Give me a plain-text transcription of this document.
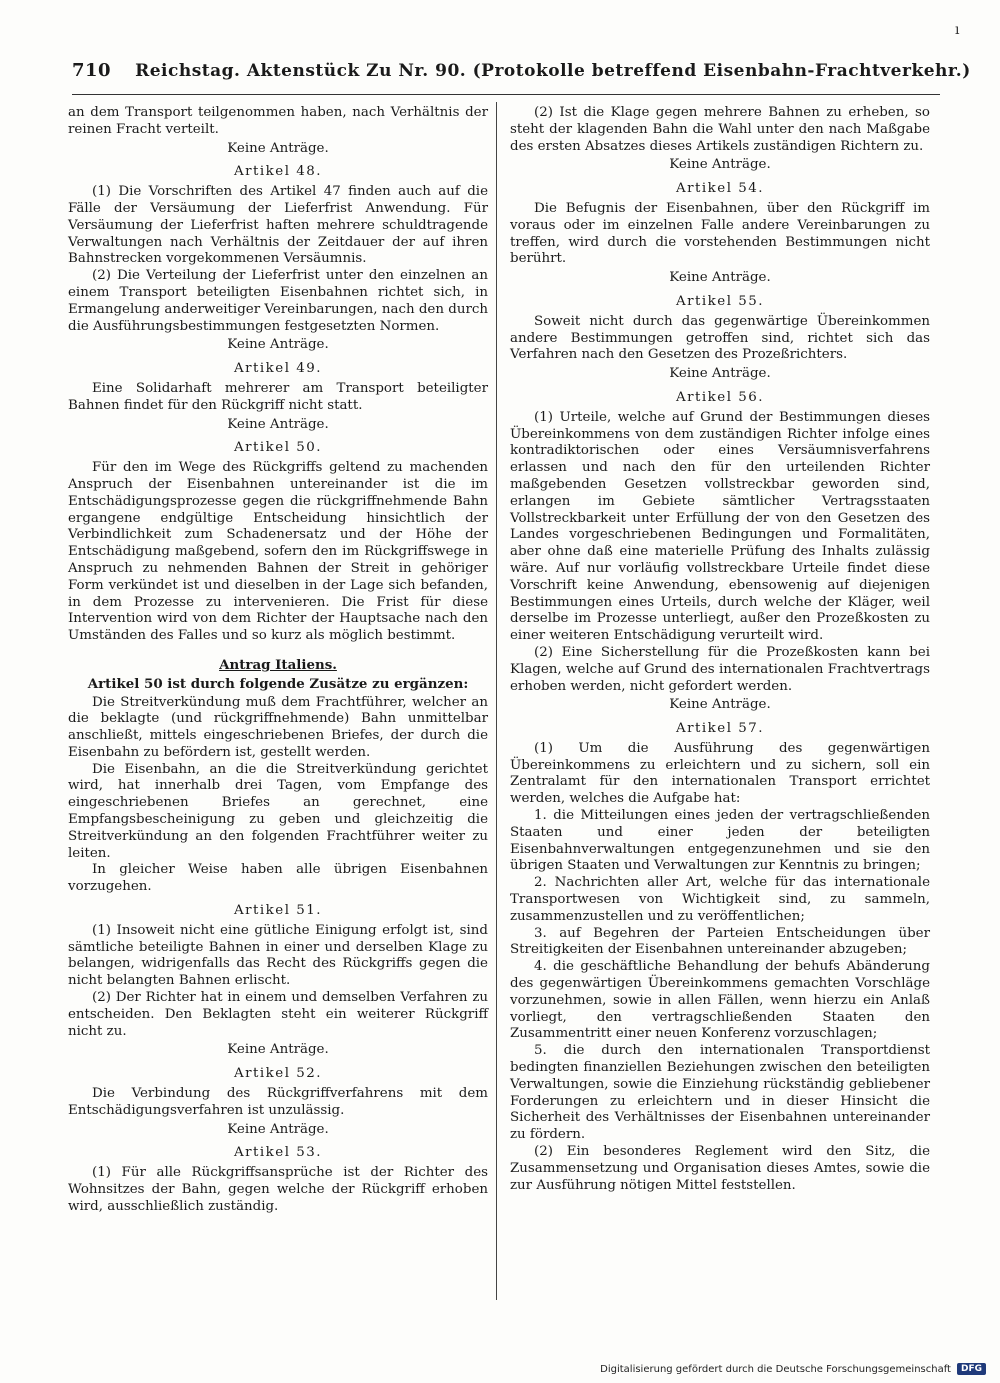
ı
710 Reichstag. Aktenstück Zu Nr. 90. (Protokolle betreffend Eisenbahn-Frachtverkehr.)

an dem Transport teilgenommen haben, nach Verhältnis der reinen Fracht verteilt.

Keine Anträge.

Artikel 48.

(1) Die Vorschriften des Artikel 47 finden auch auf die Fälle der Versäumung der Lieferfrist Anwendung. Für Versäumung der Lieferfrist haften mehrere schuldtragende Verwaltungen nach Verhältnis der Zeitdauer der auf ihren Bahnstrecken vorgekommenen Versäumnis.

(2) Die Verteilung der Lieferfrist unter den einzelnen an einem Transport beteiligten Eisenbahnen richtet sich, in Ermangelung anderweitiger Vereinbarungen, nach den durch die Ausführungsbestimmungen festgesetzten Normen.

Keine Anträge.

Artikel 49.

Eine Solidarhaft mehrerer am Transport beteiligter Bahnen findet für den Rückgriff nicht statt.

Keine Anträge.

Artikel 50.

Für den im Wege des Rückgriffs geltend zu machenden Anspruch der Eisenbahnen untereinander ist die im Entschädigungsprozesse gegen die rückgriffnehmende Bahn ergangene endgültige Entscheidung hinsichtlich der Verbindlichkeit zum Schadenersatz und der Höhe der Entschädigung maßgebend, sofern den im Rückgriffswege in Anspruch zu nehmenden Bahnen der Streit in gehöriger Form verkündet ist und dieselben in der Lage sich befanden, in dem Prozesse zu intervenieren. Die Frist für diese Intervention wird von dem Richter der Hauptsache nach den Umständen des Falles und so kurz als möglich bestimmt.

Antrag Italiens.

Artikel 50 ist durch folgende Zusätze zu ergänzen:

Die Streitverkündung muß dem Frachtführer, welcher an die beklagte (und rückgriffnehmende) Bahn unmittelbar anschließt, mittels eingeschriebenen Briefes, der durch die Eisenbahn zu befördern ist, gestellt werden.

Die Eisenbahn, an die die Streitverkündung gerichtet wird, hat innerhalb drei Tagen, vom Empfange des eingeschriebenen Briefes an gerechnet, eine Empfangsbescheinigung zu geben und gleichzeitig die Streitverkündung an den folgenden Frachtführer weiter zu leiten.

In gleicher Weise haben alle übrigen Eisenbahnen vorzugehen.

Artikel 51.

(1) Insoweit nicht eine gütliche Einigung erfolgt ist, sind sämtliche beteiligte Bahnen in einer und derselben Klage zu belangen, widrigenfalls das Recht des Rückgriffs gegen die nicht belangten Bahnen erlischt.

(2) Der Richter hat in einem und demselben Verfahren zu entscheiden. Den Beklagten steht ein weiterer Rückgriff nicht zu.

Keine Anträge.

Artikel 52.

Die Verbindung des Rückgriffverfahrens mit dem Entschädigungsverfahren ist unzulässig.

Keine Anträge.

Artikel 53.

(1) Für alle Rückgriffsansprüche ist der Richter des Wohnsitzes der Bahn, gegen welche der Rückgriff erhoben wird, ausschließlich zuständig.

(2) Ist die Klage gegen mehrere Bahnen zu erheben, so steht der klagenden Bahn die Wahl unter den nach Maßgabe des ersten Absatzes dieses Artikels zuständigen Richtern zu.

Keine Anträge.

Artikel 54.

Die Befugnis der Eisenbahnen, über den Rückgriff im voraus oder im einzelnen Falle andere Vereinbarungen zu treffen, wird durch die vorstehenden Bestimmungen nicht berührt.

Keine Anträge.

Artikel 55.

Soweit nicht durch das gegenwärtige Übereinkommen andere Bestimmungen getroffen sind, richtet sich das Verfahren nach den Gesetzen des Prozeßrichters.

Keine Anträge.

Artikel 56.

(1) Urteile, welche auf Grund der Bestimmungen dieses Übereinkommens von dem zuständigen Richter infolge eines kontradiktorischen oder eines Versäumnisverfahrens erlassen und nach den für den urteilenden Richter maßgebenden Gesetzen vollstreckbar geworden sind, erlangen im Gebiete sämtlicher Vertragsstaaten Vollstreckbarkeit unter Erfüllung der von den Gesetzen des Landes vorgeschriebenen Bedingungen und Formalitäten, aber ohne daß eine materielle Prüfung des Inhalts zulässig wäre. Auf nur vorläufig vollstreckbare Urteile findet diese Vorschrift keine Anwendung, ebensowenig auf diejenigen Bestimmungen eines Urteils, durch welche der Kläger, weil derselbe im Prozesse unterliegt, außer den Prozeßkosten zu einer weiteren Entschädigung verurteilt wird.

(2) Eine Sicherstellung für die Prozeßkosten kann bei Klagen, welche auf Grund des internationalen Frachtvertrags erhoben werden, nicht gefordert werden.

Keine Anträge.

Artikel 57.

(1) Um die Ausführung des gegenwärtigen Übereinkommens zu erleichtern und zu sichern, soll ein Zentralamt für den internationalen Transport errichtet werden, welches die Aufgabe hat:

1. die Mitteilungen eines jeden der vertragschließenden Staaten und einer jeden der beteiligten Eisenbahnverwaltungen entgegenzunehmen und sie den übrigen Staaten und Verwaltungen zur Kenntnis zu bringen;

2. Nachrichten aller Art, welche für das internationale Transportwesen von Wichtigkeit sind, zu sammeln, zusammenzustellen und zu veröffentlichen;

3. auf Begehren der Parteien Entscheidungen über Streitigkeiten der Eisenbahnen untereinander abzugeben;

4. die geschäftliche Behandlung der behufs Abänderung des gegenwärtigen Übereinkommens gemachten Vorschläge vorzunehmen, sowie in allen Fällen, wenn hierzu ein Anlaß vorliegt, den vertragschließenden Staaten den Zusammentritt einer neuen Konferenz vorzuschlagen;

5. die durch den internationalen Transportdienst bedingten finanziellen Beziehungen zwischen den beteiligten Verwaltungen, sowie die Einziehung rückständig gebliebener Forderungen zu erleichtern und in dieser Hinsicht die Sicherheit des Verhältnisses der Eisenbahnen untereinander zu fördern.

(2) Ein besonderes Reglement wird den Sitz, die Zusammensetzung und Organisation dieses Amtes, sowie die zur Ausführung nötigen Mittel feststellen.

Digitalisierung gefördert durch die Deutsche Forschungsgemeinschaft	DFG
